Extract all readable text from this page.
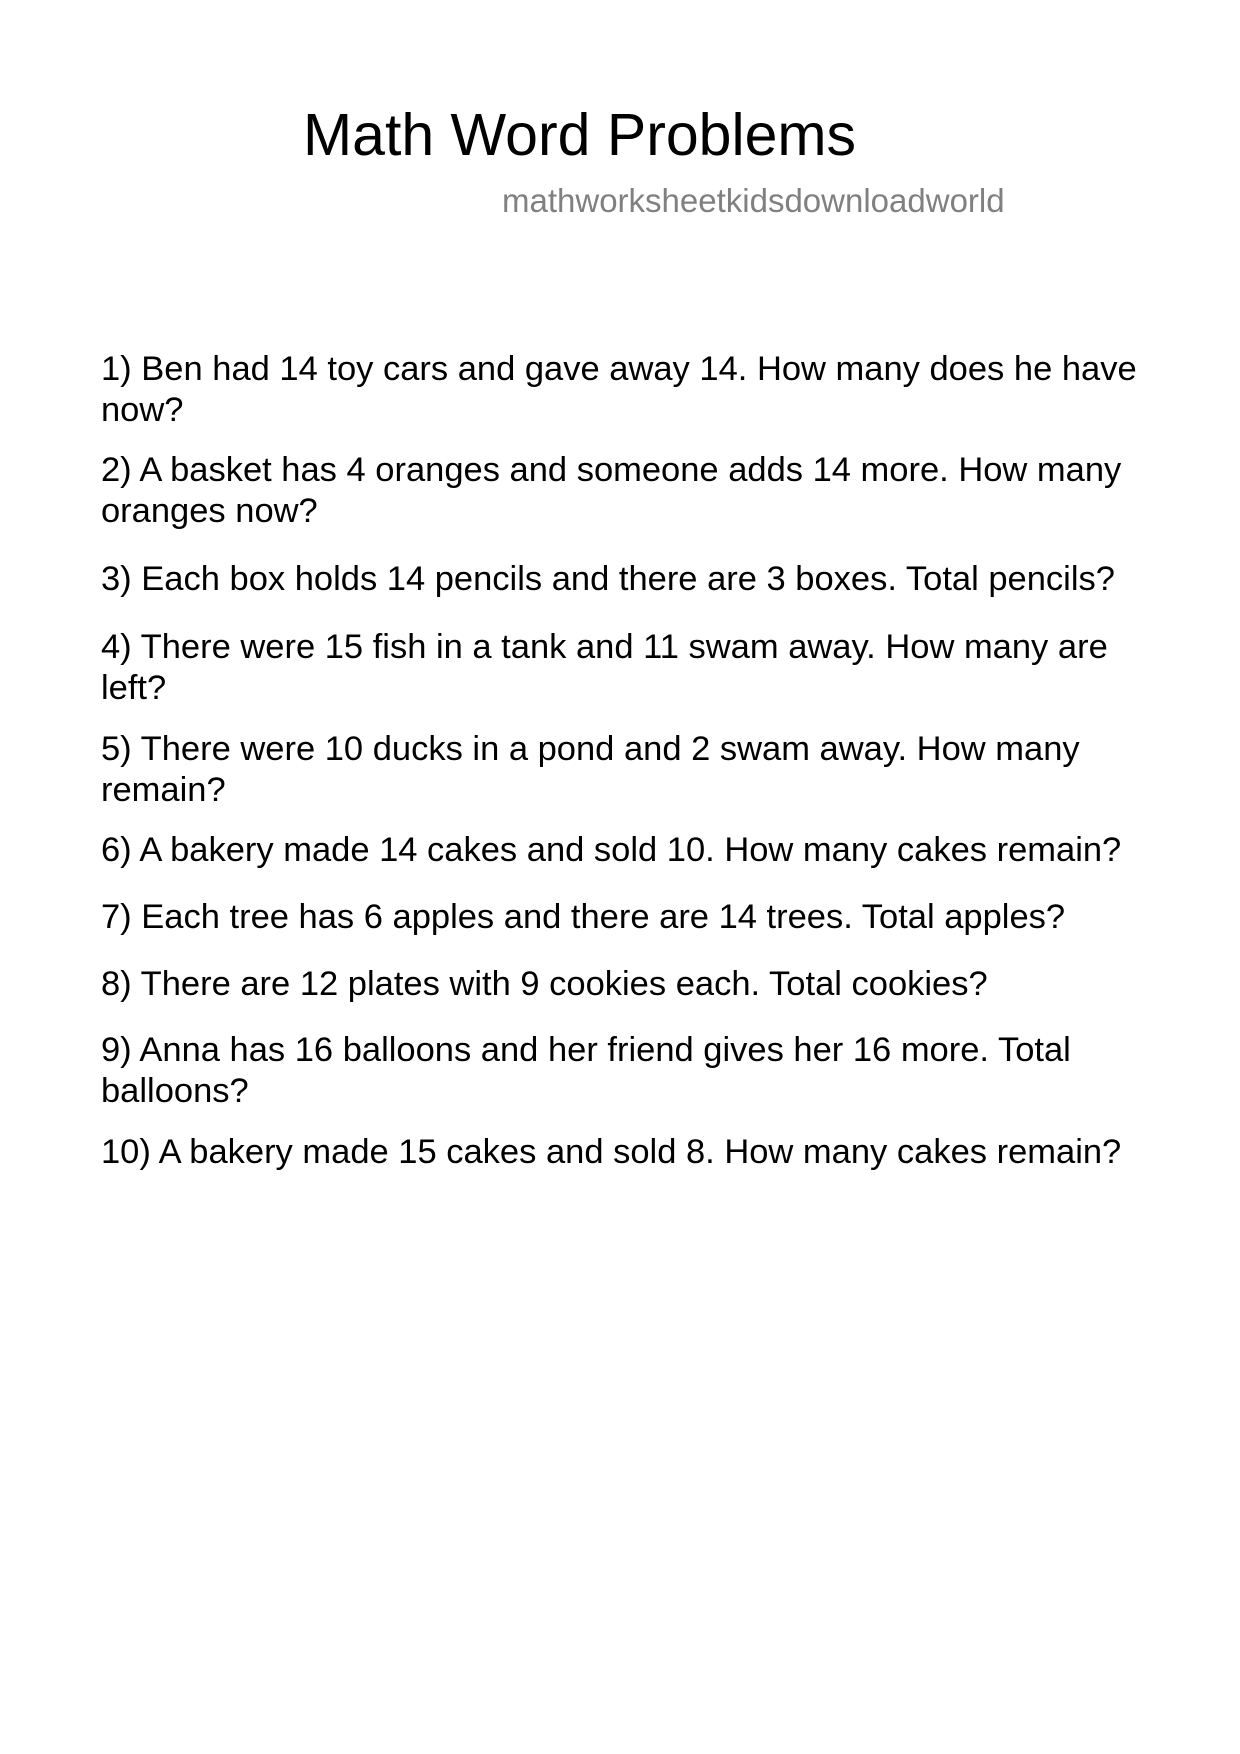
Math Word Problems
mathworksheetkidsdownloadworld
1) Ben had 14 toy cars and gave away 14. How many does he have now?
2) A basket has 4 oranges and someone adds 14 more. How many oranges now?
3) Each box holds 14 pencils and there are 3 boxes. Total pencils?
4) There were 15 fish in a tank and 11 swam away. How many are left?
5) There were 10 ducks in a pond and 2 swam away. How many remain?
6) A bakery made 14 cakes and sold 10. How many cakes remain?
7) Each tree has 6 apples and there are 14 trees. Total apples?
8) There are 12 plates with 9 cookies each. Total cookies?
9) Anna has 16 balloons and her friend gives her 16 more. Total balloons?
10) A bakery made 15 cakes and sold 8. How many cakes remain?
